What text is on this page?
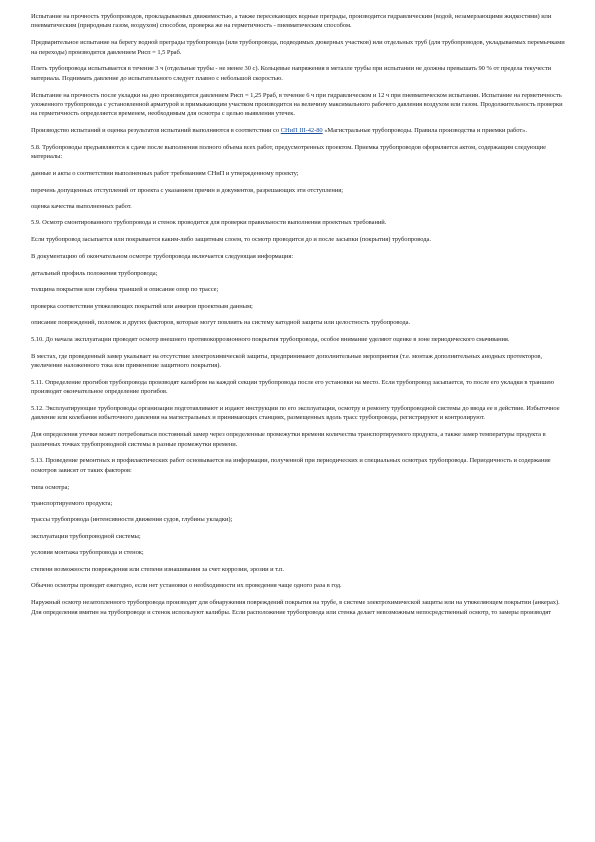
Испытание на прочность трубопроводов, прокладываемых движимостью, а также пересекающих водные преграды, производится гидравлическим (водой, незамерзающими жидкостями) или пневматическим (природным газом, воздухом) способом, проверка же на герметичность - пневматическим способом.

Предварительное испытание на берегу водной преграды трубопровода (или трубопровода, подводимых дюкерных участков) или отдельных труб (для трубопроводов, укладываемых перемычками на переходы) производится давлением Рисп = 1,5 Рраб.

Плеть трубопровода испытывается в течение 3 ч (отдельные трубы - не менее 30 с). Кольцевые напряжения в металле трубы при испытании не должны превышать 90 % от предела текучести материала. Поднимать давление до испытательного следует плавно с небольшой скоростью.

Испытание на прочность после укладки на дно производится давлением Рисп = 1,25 Рраб, в течение 6 ч при гидравлическом и 12 ч при пневматическом испытании. Испытание на герметичность уложенного трубопровода с установленной арматурой и примыкающим участком производится на величину максимального рабочего давления воздухом или газом. Продолжительность проверки на герметичность определяется временем, необходимым для осмотра с целью выявления утечек.

Производство испытаний и оценка результатов испытаний выполняются в соответствии со СНиП III-42-80 «Магистральные трубопроводы. Правила производства и приемки работ».

5.8. Трубопроводы предъявляются к сдаче после выполнения полного объема всех работ, предусмотренных проектом. Приемка трубопроводов оформляется актом, содержащим следующие материалы:

данные и акты о соответствии выполненных работ требованиям СНиП и утвержденному проекту;

перечень допущенных отступлений от проекта с указанием причин и документов, разрешающих эти отступления;

оценка качества выполненных работ.

5.9. Осмотр смонтированного трубопровода и стенок проводится для проверки правильности выполнения проектных требований.

Если трубопровод засыпается или покрывается каким-либо защитным слоем, то осмотр проводится до и после засыпки (покрытия) трубопровода.

В документацию об окончательном осмотре трубопровода включается следующая информация:

детальный профиль положения трубопровода;

толщина покрытия или глубина траншей и описание опор по трассе;

проверка соответствия утяжеляющих покрытий или анкеров проектным данным;

описание повреждений, поломок и других факторов, которые могут повлиять на систему катодной защиты или целостность трубопровода.

5.10. До начала эксплуатации проводят осмотр внешнего противокоррозионного покрытия трубопровода, особое внимание уделяют оценке в зоне периодического смачивания.

В местах, где проведенный замер указывает на отсутствие электрохимической защиты, предпринимают дополнительные мероприятия (т.е. монтаж дополнительных анодных протекторов, увеличение наложенного тока или применение защитного покрытия).

5.11. Определение прогибов трубопровода производят калибром на каждой секции трубопровода после его установки на место. Если трубопровод засыпается, то после его укладки в траншею производят окончательное определение прогибов.

5.12. Эксплуатирующие трубопроводы организации подготавливают и издают инструкции по его эксплуатации, осмотру и ремонту трубопроводной системы до ввода ее в действие. Избыточное давление или колебания избыточного давления на магистральных и принимающих станциях, размещенных вдоль трасс трубопровода, регистрируют и контролируют.

Для определения утечки может потребоваться постоянный замер через определенные промежутки времени количества транспортируемого продукта, а также замер температуры продукта в различных точках трубопроводной системы в разные промежутки времени.

5.13. Проведение ремонтных и профилактических работ основывается на информации, полученной при периодических и специальных осмотрах трубопровода. Периодичность и содержание осмотров зависят от таких факторов:

типа осмотра;

транспортируемого продукта;

трассы трубопровода (интенсивности движения судов, глубины укладки);

эксплуатации трубопроводной системы;

условия монтажа трубопровода и стенок;

степени возможности повреждения или степени изнашивания за счет коррозии, эрозии и т.п.

Обычно осмотры проводят ежегодно, если нет установки о необходимости их проведения чаще одного раза в год.

Наружный осмотр незатопленного трубопровода производят для обнаружения повреждений покрытия на трубе, в системе электрохимической защиты или на утяжеляющем покрытии (анкерах). Для определения вмятин на трубопроводе и стенок используют калибры. Если расположение трубопровода или стенка делает невозможным непосредственный осмотр, то замеры производят
